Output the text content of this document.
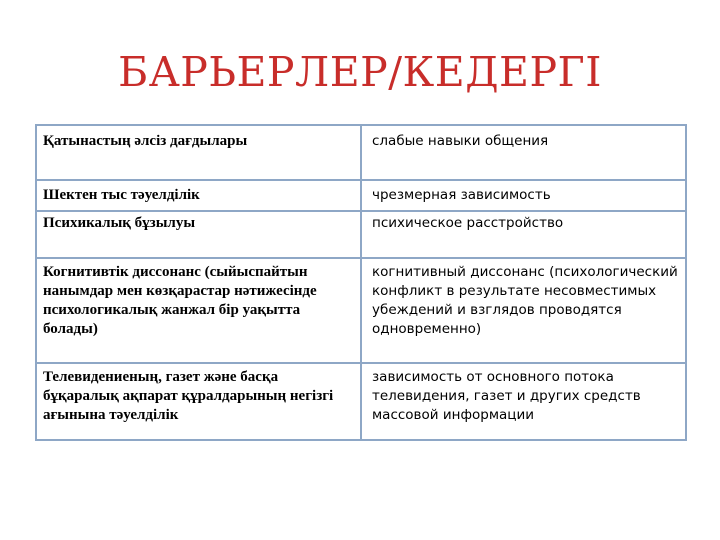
БАРЬЕРЛЕР/КЕДЕРГІ
Қатынастың әлсіз дағдылары	слабые навыки общения
Шектен тыс тәуелділік	чрезмерная зависимость
Психикалық бұзылуы	психическое расстройство
Когнитивтік диссонанс (сыйыспайтын нанымдар мен көзқарастар нәтижесінде психологикалық жанжал бір уақытта болады)	когнитивный диссонанс (психологический конфликт в результате несовместимых убеждений и взглядов проводятся одновременно)
Телевидениеның, газет және басқа бұқаралық ақпарат құралдарының негізгі ағынына тәуелділік	зависимость от основного потока телевидения, газет и других средств массовой информации
